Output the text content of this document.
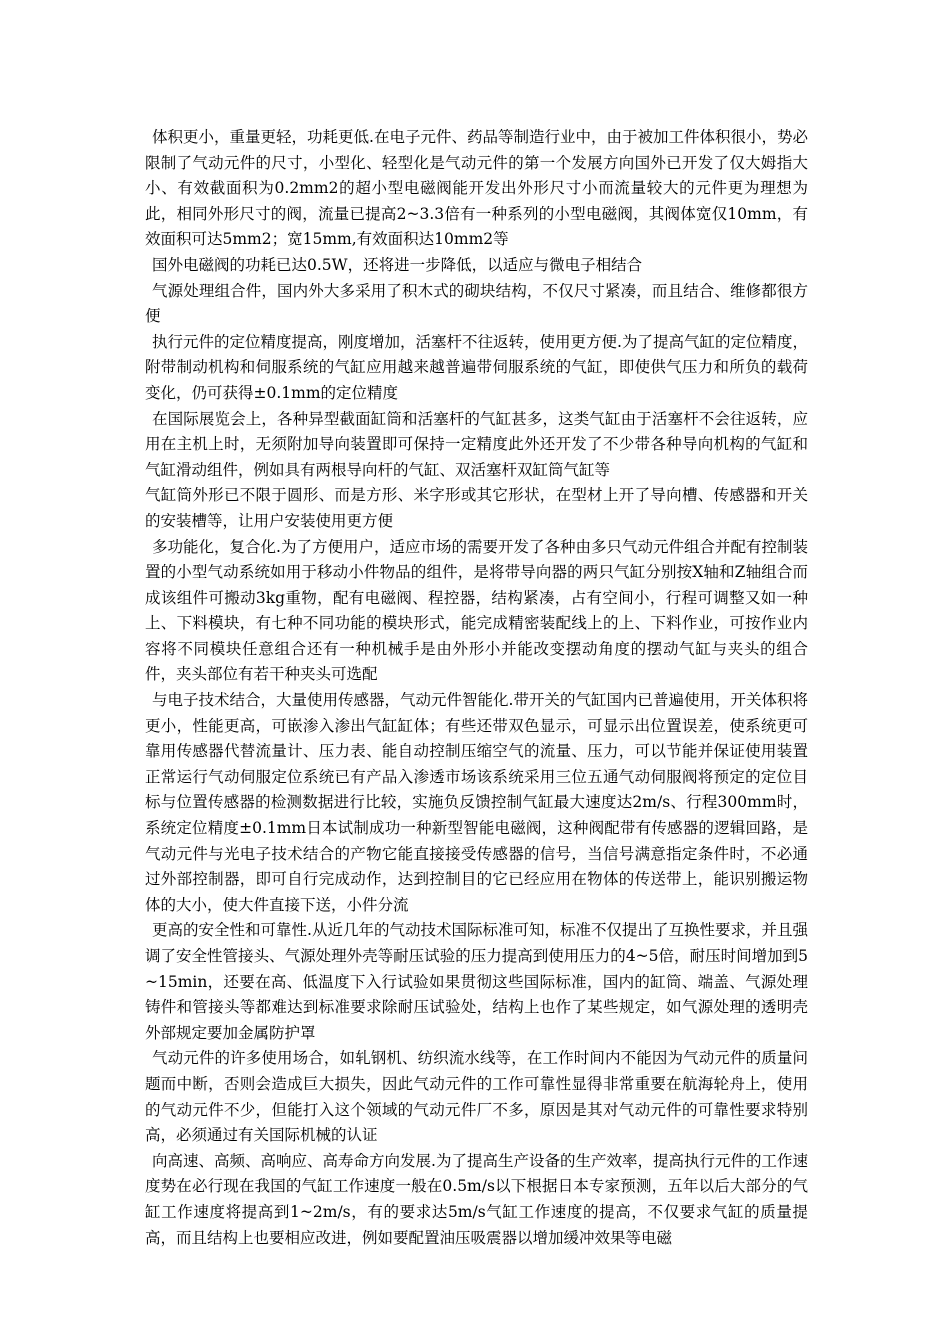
体积更小，重量更轻，功耗更低.在电子元件、药品等制造行业中，由于被加工件体积很小，势必限制了气动元件的尺寸，小型化、轻型化是气动元件的第一个发展方向国外已开发了仅大姆指大小、有效截面积为0.2mm2的超小型电磁阀能开发出外形尺寸小而流量较大的元件更为理想为此，相同外形尺寸的阀，流量已提高2~3.3倍有一种系列的小型电磁阀，其阀体宽仅10mm，有效面积可达5mm2；宽15mm,有效面积达10mm2等

国外电磁阀的功耗已达0.5W，还将进一步降低，以适应与微电子相结合

气源处理组合件，国内外大多采用了积木式的砌块结构，不仅尺寸紧凑，而且结合、维修都很方便

执行元件的定位精度提高，刚度增加，活塞杆不往返转，使用更方便.为了提高气缸的定位精度，附带制动机构和伺服系统的气缸应用越来越普遍带伺服系统的气缸，即使供气压力和所负的载荷变化，仍可获得±0.1mm的定位精度

在国际展览会上，各种异型截面缸筒和活塞杆的气缸甚多，这类气缸由于活塞杆不会往返转，应用在主机上时，无须附加导向装置即可保持一定精度此外还开发了不少带各种导向机构的气缸和气缸滑动组件，例如具有两根导向杆的气缸、双活塞杆双缸筒气缸等

气缸筒外形已不限于圆形、而是方形、米字形或其它形状，在型材上开了导向槽、传感器和开关的安装槽等，让用户安装使用更方便

多功能化，复合化.为了方便用户，适应市场的需要开发了各种由多只气动元件组合并配有控制装置的小型气动系统如用于移动小件物品的组件，是将带导向器的两只气缸分别按X轴和Z轴组合而成该组件可搬动3kg重物，配有电磁阀、程控器，结构紧凑，占有空间小，行程可调整又如一种上、下料模块，有七种不同功能的模块形式，能完成精密装配线上的上、下料作业，可按作业内容将不同模块任意组合还有一种机械手是由外形小并能改变摆动角度的摆动气缸与夹头的组合件，夹头部位有若干种夹头可选配

与电子技术结合，大量使用传感器，气动元件智能化.带开关的气缸国内已普遍使用，开关体积将更小，性能更高，可嵌渗入渗出气缸缸体；有些还带双色显示，可显示出位置误差，使系统更可靠用传感器代替流量计、压力表、能自动控制压缩空气的流量、压力，可以节能并保证使用装置正常运行气动伺服定位系统已有产品入渗透市场该系统采用三位五通气动伺服阀将预定的定位目标与位置传感器的检测数据进行比较，实施负反馈控制气缸最大速度达2m/s、行程300mm时，系统定位精度±0.1mm日本试制成功一种新型智能电磁阀，这种阀配带有传感器的逻辑回路，是气动元件与光电子技术结合的产物它能直接接受传感器的信号，当信号满意指定条件时，不必通过外部控制器，即可自行完成动作，达到控制目的它已经应用在物体的传送带上，能识别搬运物体的大小，使大件直接下送，小件分流

更高的安全性和可靠性.从近几年的气动技术国际标准可知，标准不仅提出了互换性要求，并且强调了安全性管接头、气源处理外壳等耐压试验的压力提高到使用压力的4~5倍，耐压时间增加到5~15min，还要在高、低温度下入行试验如果贯彻这些国际标准，国内的缸筒、端盖、气源处理铸件和管接头等都难达到标准要求除耐压试验处，结构上也作了某些规定，如气源处理的透明壳外部规定要加金属防护罩

气动元件的许多使用场合，如轧钢机、纺织流水线等，在工作时间内不能因为气动元件的质量问题而中断，否则会造成巨大损失，因此气动元件的工作可靠性显得非常重要在航海轮舟上，使用的气动元件不少，但能打入这个领域的气动元件厂不多，原因是其对气动元件的可靠性要求特别高，必须通过有关国际机械的认证

向高速、高频、高响应、高寿命方向发展.为了提高生产设备的生产效率，提高执行元件的工作速度势在必行现在我国的气缸工作速度一般在0.5m/s以下根据日本专家预测，五年以后大部分的气缸工作速度将提高到1~2m/s，有的要求达5m/s气缸工作速度的提高，不仅要求气缸的质量提高，而且结构上也要相应改进，例如要配置油压吸震器以增加缓冲效果等电磁
